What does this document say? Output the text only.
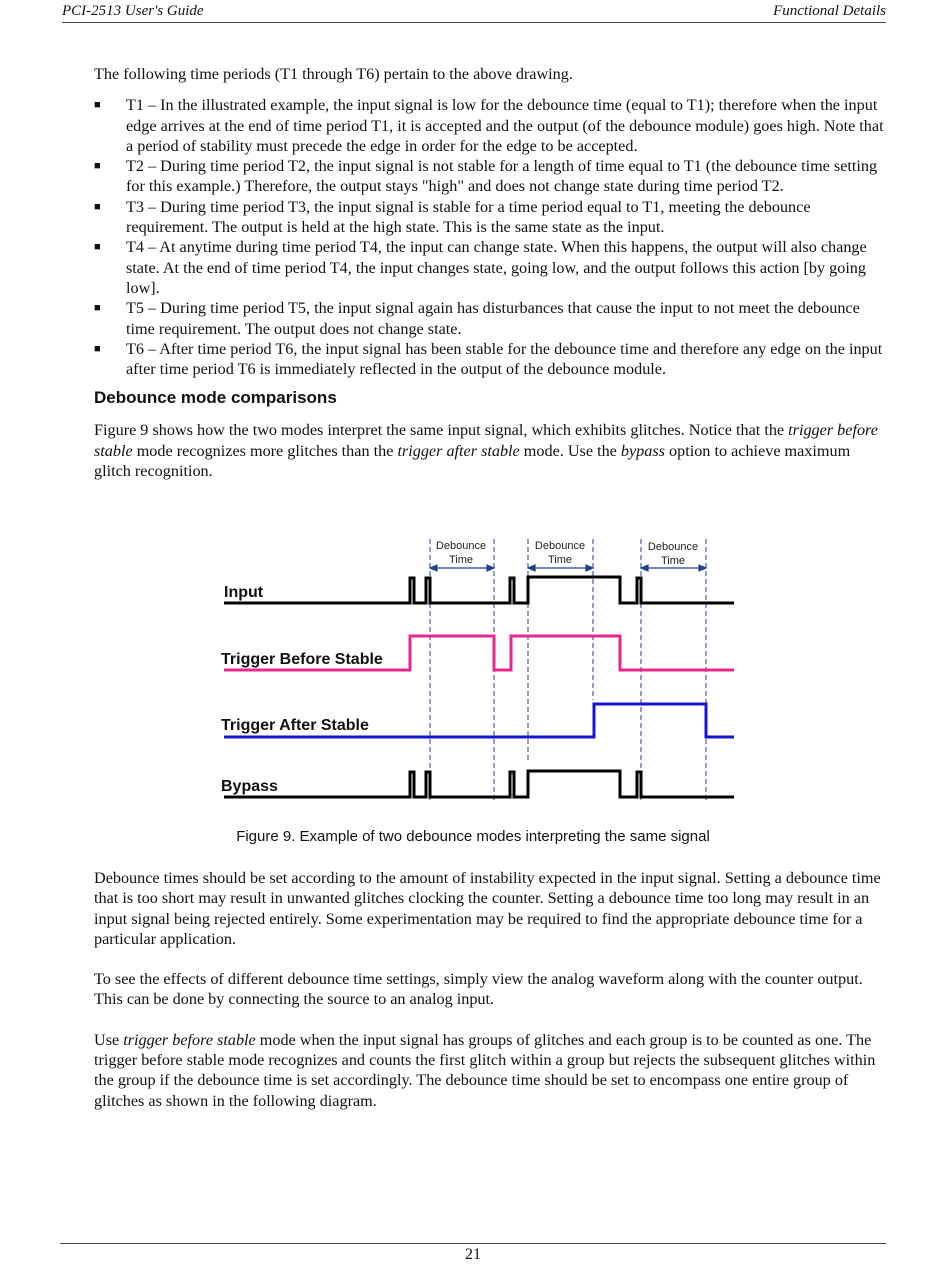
PCI-2513 User's Guide	Functional Details

The following time periods (T1 through T6) pertain to the above drawing.

■ T1 – In the illustrated example, the input signal is low for the debounce time (equal to T1); therefore when the input edge arrives at the end of time period T1, it is accepted and the output (of the debounce module) goes high. Note that a period of stability must precede the edge in order for the edge to be accepted.
■ T2 – During time period T2, the input signal is not stable for a length of time equal to T1 (the debounce time setting for this example.) Therefore, the output stays "high" and does not change state during time period T2.
■ T3 – During time period T3, the input signal is stable for a time period equal to T1, meeting the debounce requirement. The output is held at the high state. This is the same state as the input.
■ T4 – At anytime during time period T4, the input can change state. When this happens, the output will also change state. At the end of time period T4, the input changes state, going low, and the output follows this action [by going low].
■ T5 – During time period T5, the input signal again has disturbances that cause the input to not meet the debounce time requirement. The output does not change state.
■ T6 – After time period T6, the input signal has been stable for the debounce time and therefore any edge on the input after time period T6 is immediately reflected in the output of the debounce module.
Debounce mode comparisons

Figure 9 shows how the two modes interpret the same input signal, which exhibits glitches. Notice that the trigger before stable mode recognizes more glitches than the trigger after stable mode. Use the bypass option to achieve maximum glitch recognition.

Debounce
Time
Debounce
Time
Debounce
Time
Input
Trigger Before Stable
Trigger After Stable
Bypass
Figure 9. Example of two debounce modes interpreting the same signal

Debounce times should be set according to the amount of instability expected in the input signal. Setting a debounce time that is too short may result in unwanted glitches clocking the counter. Setting a debounce time too long may result in an input signal being rejected entirely. Some experimentation may be required to find the appropriate debounce time for a particular application.

To see the effects of different debounce time settings, simply view the analog waveform along with the counter output. This can be done by connecting the source to an analog input.

Use trigger before stable mode when the input signal has groups of glitches and each group is to be counted as one. The trigger before stable mode recognizes and counts the first glitch within a group but rejects the subsequent glitches within the group if the debounce time is set accordingly. The debounce time should be set to encompass one entire group of glitches as shown in the following diagram.

21
